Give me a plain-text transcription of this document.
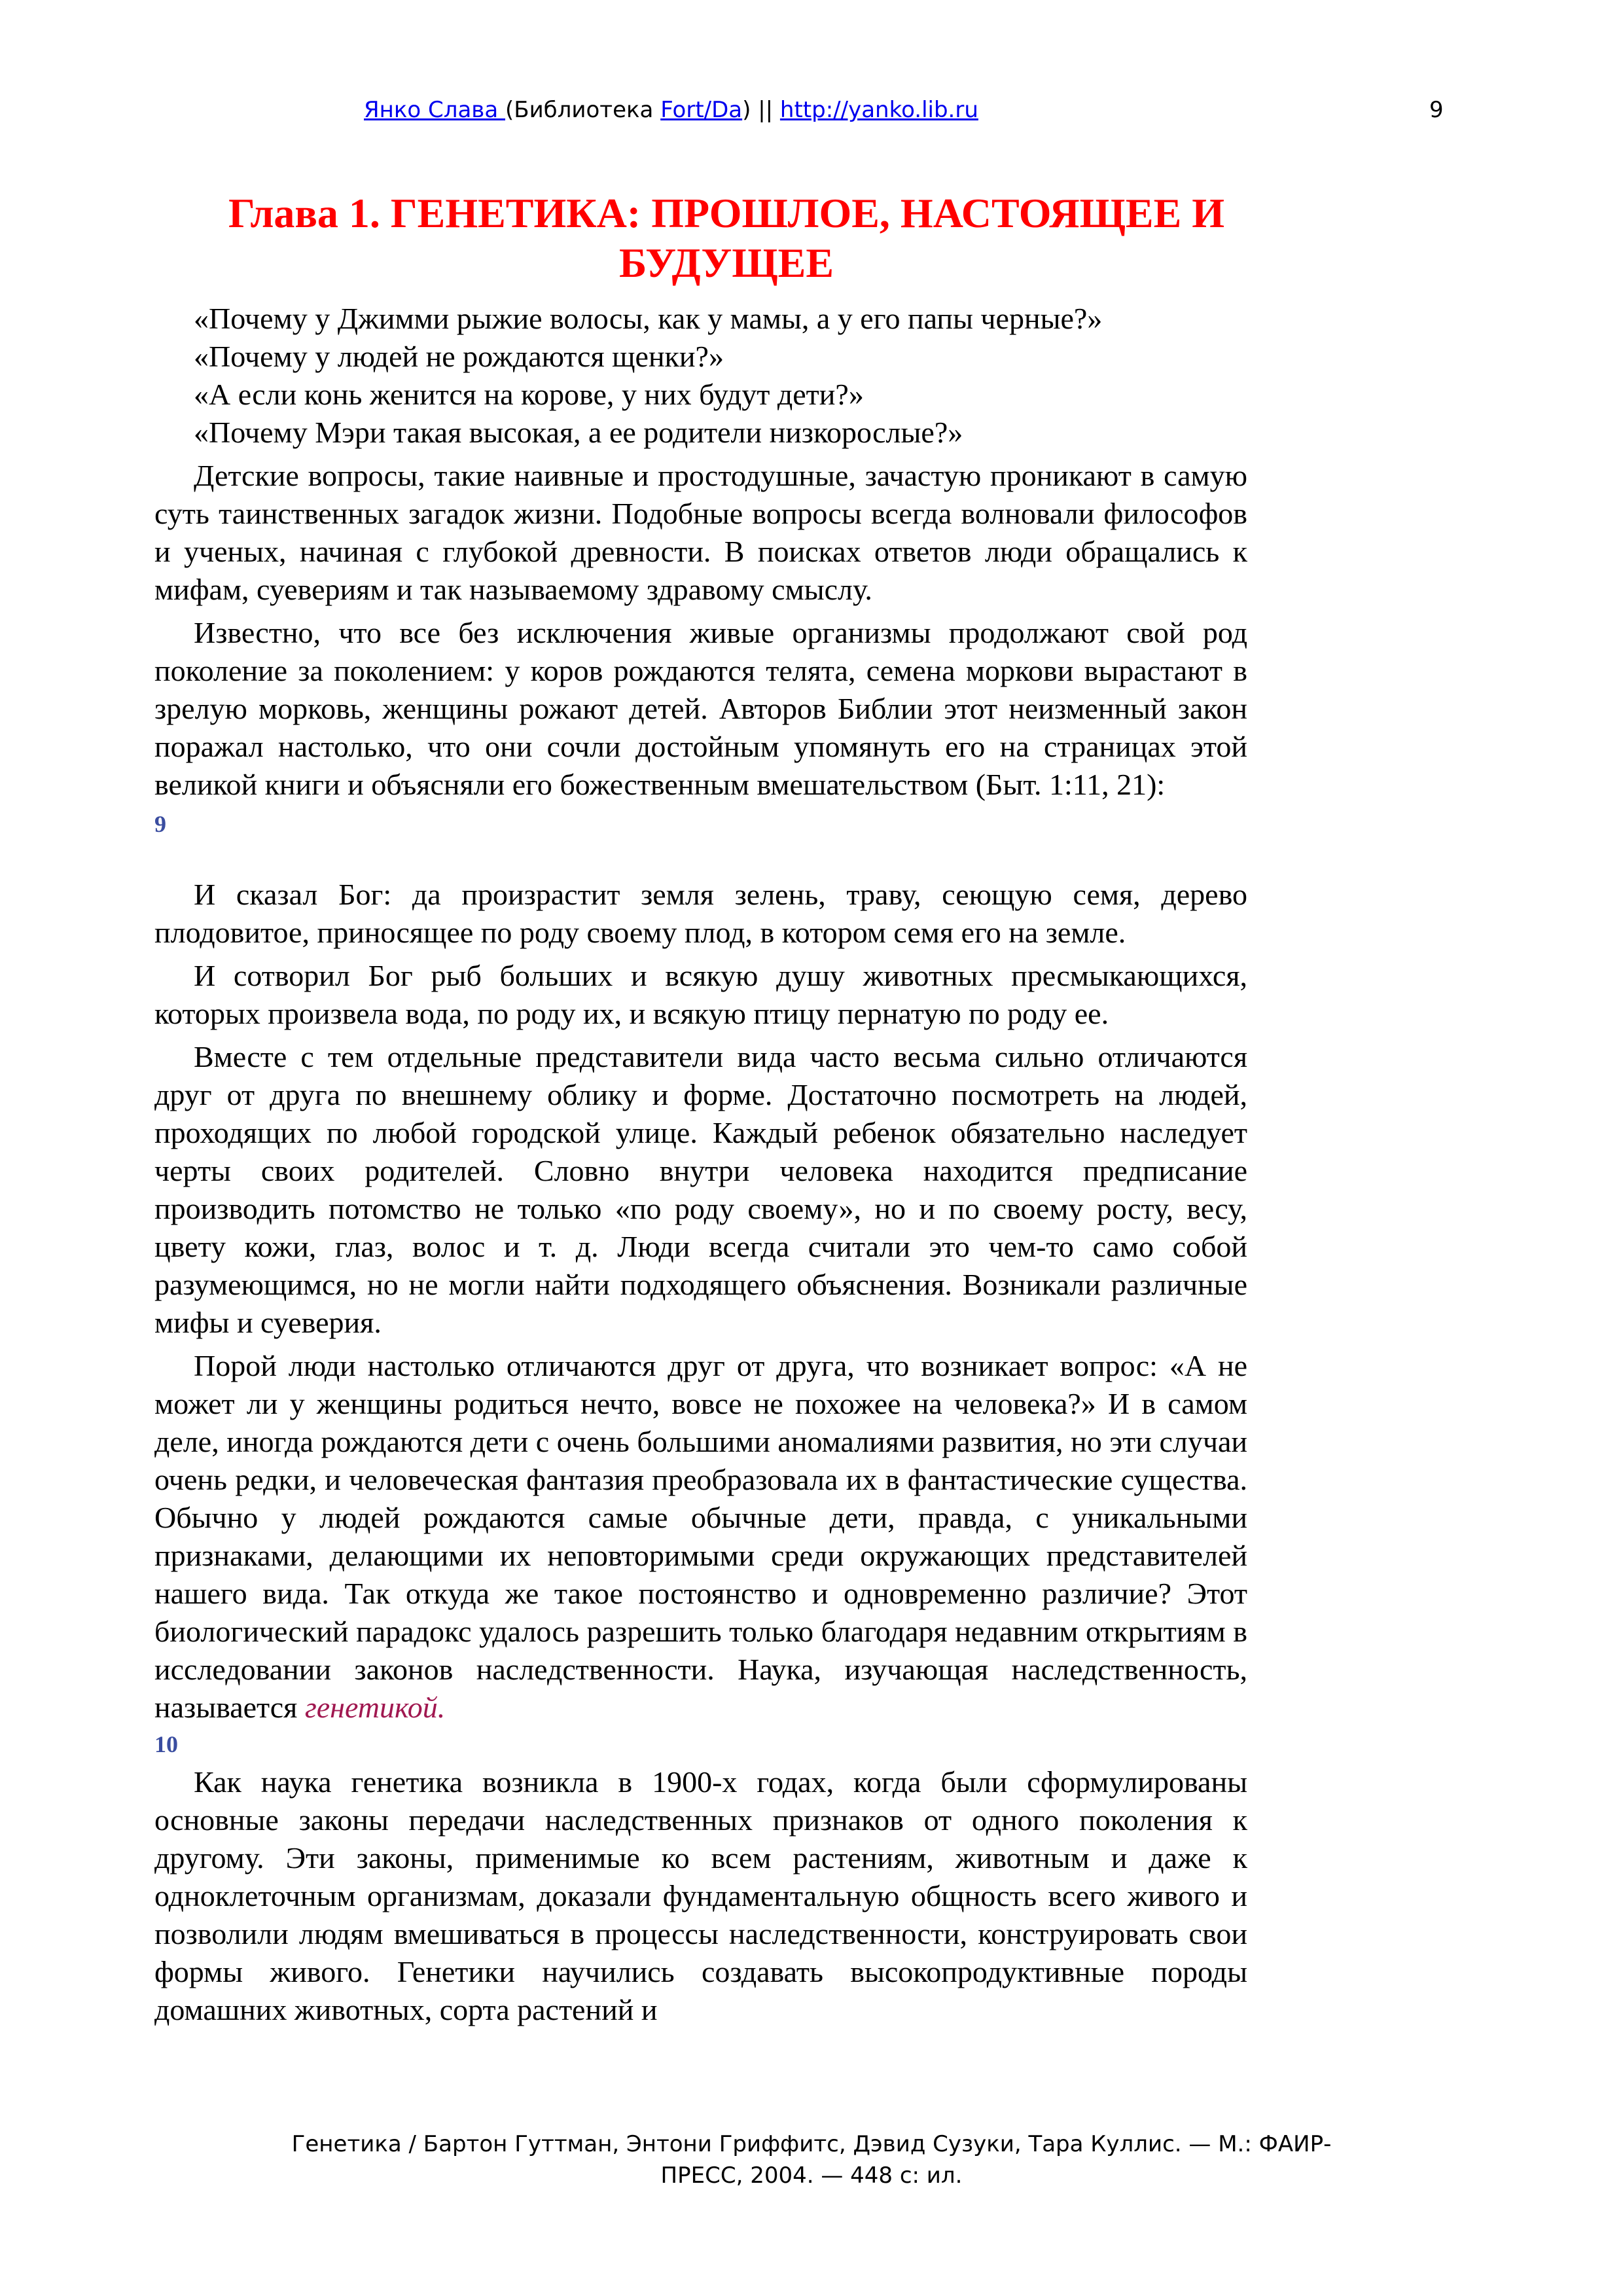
Янко Слава (Библиотека Fort/Da) || http://yanko.lib.ru	9
Глава 1. ГЕНЕТИКА: ПРОШЛОЕ, НАСТОЯЩЕЕ И БУДУЩЕЕ

«Почему у Джимми рыжие волосы, как у мамы, а у его папы черные?»

«Почему у людей не рождаются щенки?»

«А если конь женится на корове, у них будут дети?»

«Почему Мэри такая высокая, а ее родители низкорослые?»

Детские вопросы, такие наивные и простодушные, зачастую проникают в самую суть таинственных загадок жизни. Подобные вопросы всегда волновали философов и ученых, начиная с глубокой древности. В поисках ответов люди обращались к мифам, суевериям и так называемому здравому смыслу.

Известно, что все без исключения живые организмы продолжают свой род поколение за поколением: у коров рождаются телята, семена моркови вырастают в зрелую морковь, женщины рожают детей. Авторов Библии этот неизменный закон поражал настолько, что они сочли достойным упомянуть его на страницах этой великой книги и объясняли его божественным вмешательством (Быт. 1:11, 21):

9

И сказал Бог: да произрастит земля зелень, траву, сеющую семя, дерево плодовитое, приносящее по роду своему плод, в котором семя его на земле.

И сотворил Бог рыб больших и всякую душу животных пресмыкающихся, которых произвела вода, по роду их, и всякую птицу пернатую по роду ее.

Вместе с тем отдельные представители вида часто весьма сильно отличаются друг от друга по внешнему облику и форме. Достаточно посмотреть на людей, проходящих по любой городской улице. Каждый ребенок обязательно наследует черты своих родителей. Словно внутри человека находится предписание производить потомство не только «по роду своему», но и по своему росту, весу, цвету кожи, глаз, волос и т. д. Люди всегда считали это чем-то само собой разумеющимся, но не могли найти подходящего объяснения. Возникали различные мифы и суеверия.

Порой люди настолько отличаются друг от друга, что возникает вопрос: «А не может ли у женщины родиться нечто, вовсе не похожее на человека?» И в самом деле, иногда рождаются дети с очень большими аномалиями развития, но эти случаи очень редки, и человеческая фантазия преобразовала их в фантастические существа. Обычно у людей рождаются самые обычные дети, правда, с уникальными признаками, делающими их неповторимыми среди окружающих представителей нашего вида. Так откуда же такое постоянство и одновременно различие? Этот биологический парадокс удалось разрешить только благодаря недавним открытиям в исследовании законов наследственности. Наука, изучающая наследственность, называется генетикой.

10

Как наука генетика возникла в 1900-х годах, когда были сформулированы основные законы передачи наследственных признаков от одного поколения к другому. Эти законы, применимые ко всем растениям, животным и даже к одноклеточным организмам, доказали фундаментальную общность всего живого и позволили людям вмешиваться в процессы наследственности, конструировать свои формы живого. Генетики научились создавать высокопродуктивные породы домашних животных, сорта растений и

Генетика / Бартон Гуттман, Энтони Гриффитс, Дэвид Сузуки, Тара Куллис. — М.: ФАИР-
ПРЕСС, 2004. — 448 с: ил.
